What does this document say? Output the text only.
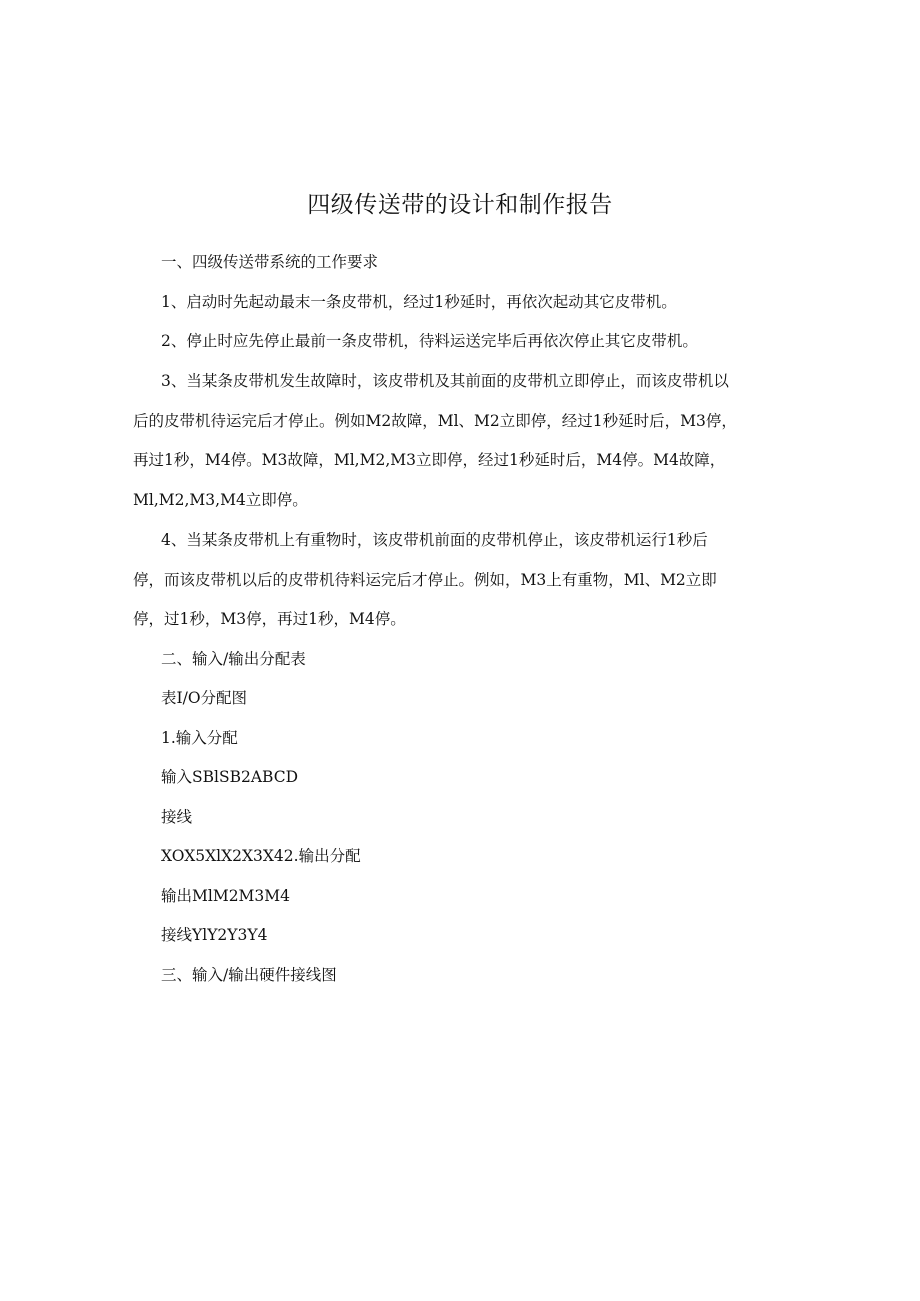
四级传送带的设计和制作报告

一、四级传送带系统的工作要求

1、启动时先起动最末一条皮带机，经过1秒延时，再依次起动其它皮带机。

2、停止时应先停止最前一条皮带机，待料运送完毕后再依次停止其它皮带机。

3、当某条皮带机发生故障时，该皮带机及其前面的皮带机立即停止，而该皮带机以

后的皮带机待运完后才停止。例如M2故障，Ml、M2立即停，经过1秒延时后，M3停，

再过1秒，M4停。M3故障，Ml,M2,M3立即停，经过1秒延时后，M4停。M4故障，

Ml,M2,M3,M4立即停。

4、当某条皮带机上有重物时，该皮带机前面的皮带机停止，该皮带机运行1秒后

停，而该皮带机以后的皮带机待料运完后才停止。例如，M3上有重物，Ml、M2立即

停，过1秒，M3停，再过1秒，M4停。

二、输入/输出分配表

表I/O分配图

1.输入分配

输入SBlSB2ABCD

接线

XOX5XlX2X3X42.输出分配

输出MlM2M3M4

接线YlY2Y3Y4

三、输入/输出硬件接线图
